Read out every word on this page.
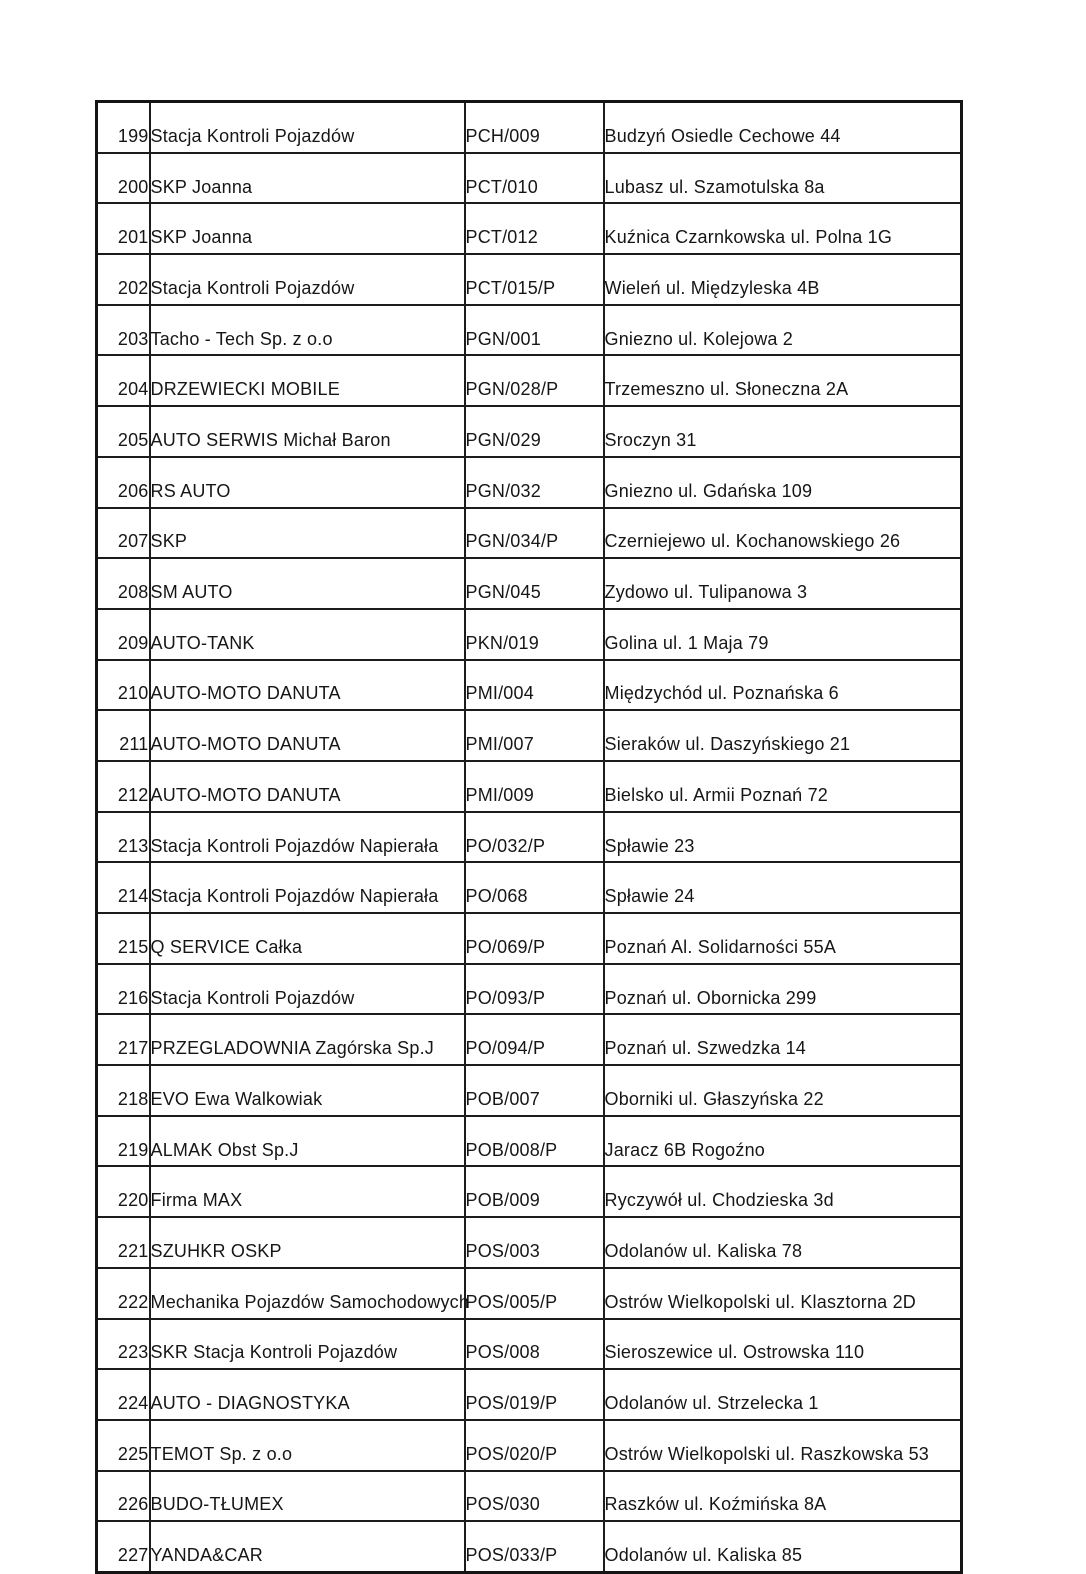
199	Stacja Kontroli Pojazdów	PCH/009	Budzyń Osiedle Cechowe 44
200	SKP Joanna	PCT/010	Lubasz ul. Szamotulska 8a
201	SKP Joanna	PCT/012	Kuźnica Czarnkowska ul. Polna 1G
202	Stacja Kontroli Pojazdów	PCT/015/P	Wieleń ul. Międzyleska 4B
203	Tacho - Tech Sp. z o.o	PGN/001	Gniezno ul. Kolejowa 2
204	DRZEWIECKI MOBILE	PGN/028/P	Trzemeszno ul. Słoneczna 2A
205	AUTO SERWIS Michał Baron	PGN/029	Sroczyn 31
206	RS AUTO	PGN/032	Gniezno ul. Gdańska 109
207	SKP	PGN/034/P	Czerniejewo ul. Kochanowskiego 26
208	SM AUTO	PGN/045	Zydowo ul. Tulipanowa 3
209	AUTO-TANK	PKN/019	Golina ul. 1 Maja 79
210	AUTO-MOTO DANUTA	PMI/004	Międzychód ul. Poznańska 6
211	AUTO-MOTO DANUTA	PMI/007	Sieraków ul. Daszyńskiego 21
212	AUTO-MOTO DANUTA	PMI/009	Bielsko ul. Armii Poznań 72
213	Stacja Kontroli Pojazdów Napierała	PO/032/P	Spławie 23
214	Stacja Kontroli Pojazdów Napierała	PO/068	Spławie 24
215	Q SERVICE Całka	PO/069/P	Poznań Al. Solidarności 55A
216	Stacja Kontroli Pojazdów	PO/093/P	Poznań ul. Obornicka 299
217	PRZEGLADOWNIA Zagórska Sp.J	PO/094/P	Poznań ul. Szwedzka 14
218	EVO Ewa Walkowiak	POB/007	Oborniki ul. Głaszyńska 22
219	ALMAK Obst Sp.J	POB/008/P	Jaracz 6B Rogoźno
220	Firma MAX	POB/009	Ryczywół ul. Chodzieska 3d
221	SZUHKR OSKP	POS/003	Odolanów ul. Kaliska 78
222	Mechanika Pojazdów Samochodowych	POS/005/P	Ostrów Wielkopolski ul. Klasztorna 2D
223	SKR Stacja Kontroli Pojazdów	POS/008	Sieroszewice ul. Ostrowska 110
224	AUTO - DIAGNOSTYKA	POS/019/P	Odolanów ul. Strzelecka 1
225	TEMOT Sp. z o.o	POS/020/P	Ostrów Wielkopolski ul. Raszkowska 53
226	BUDO-TŁUMEX	POS/030	Raszków ul. Koźmińska 8A
227	YANDA&CAR	POS/033/P	Odolanów ul. Kaliska 85
